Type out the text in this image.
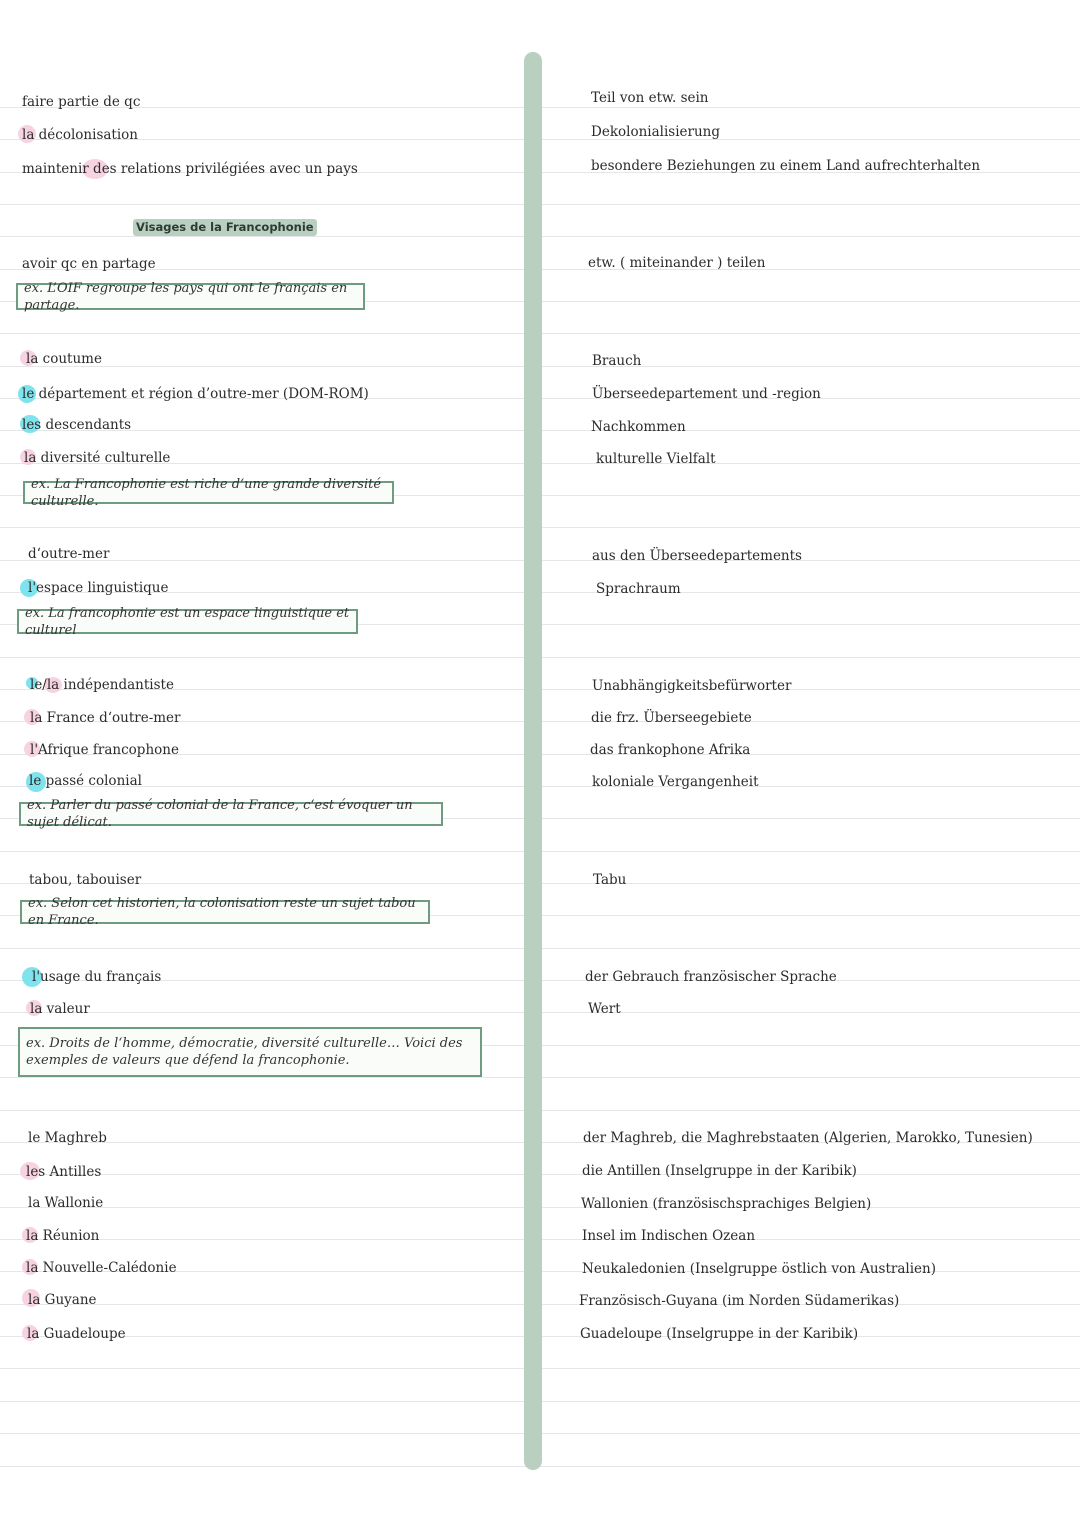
faire partie de qc	Teil von etw. sein
la décolonisation	Dekolonialisierung
maintenir des relations privilégiées avec un pays	besondere Beziehungen zu einem Land aufrechterhalten
Visages de la Francophonie
avoir qc en partage	etw. ( miteinander ) teilen
ex. L’OIF regroupe les pays qui ont le français en partage.
la coutume	Brauch
le département et région d’outre-mer (DOM-ROM)	Überseedepartement und -region
les descendants	Nachkommen
la diversité culturelle	kulturelle Vielfalt
ex. La Francophonie est riche d‘une grande diversité culturelle.
d‘outre-mer	aus den Überseedepartements
l'espace linguistique	Sprachraum
ex. La francophonie est un espace linguistique et culturel
le/la indépendantiste	Unabhängigkeitsbefürworter
la France d‘outre-mer	die frz. Überseegebiete
l'Afrique francophone	das frankophone Afrika
le passé colonial	koloniale Vergangenheit
ex. Parler du passé colonial de la France, c‘est évoquer un sujet délicat.
tabou, tabouiser	Tabu
ex. Selon cet historien, la colonisation reste un sujet tabou en France.
l'usage du français	der Gebrauch französischer Sprache
la valeur	Wert
ex. Droits de l‘homme, démocratie, diversité culturelle… Voici des exemples de valeurs que défend la francophonie.
le Maghreb	der Maghreb, die Maghrebstaaten (Algerien, Marokko, Tunesien)
les Antilles	die Antillen (Inselgruppe in der Karibik)
la Wallonie	Wallonien (französischsprachiges Belgien)
la Réunion	Insel im Indischen Ozean
la Nouvelle-Calédonie	Neukaledonien (Inselgruppe östlich von Australien)
la Guyane	Französisch-Guyana (im Norden Südamerikas)
la Guadeloupe	Guadeloupe (Inselgruppe in der Karibik)
